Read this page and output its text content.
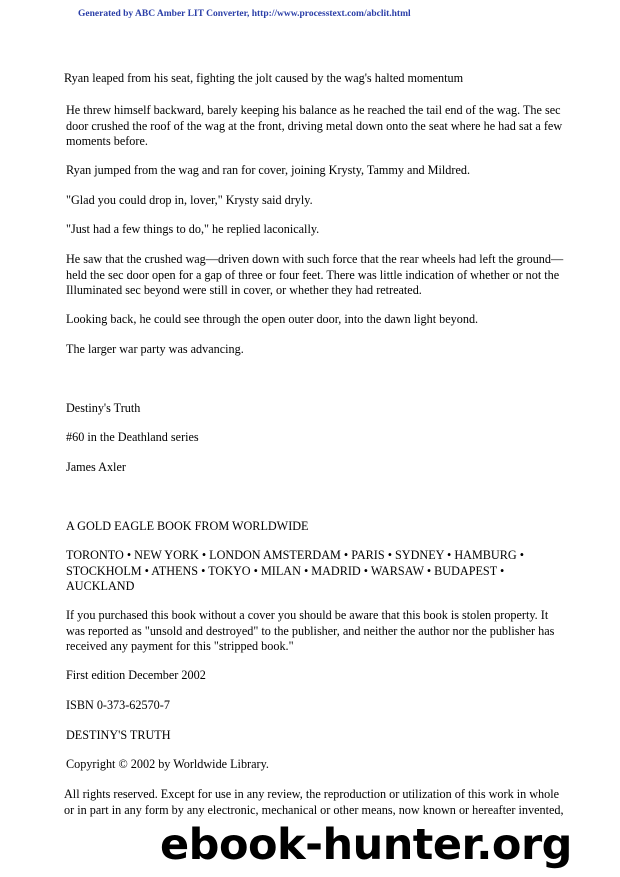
Generated by ABC Amber LIT Converter, http://www.processtext.com/abclit.html

Ryan leaped from his seat, fighting the jolt caused by the wag's halted momentum

He threw himself backward, barely keeping his balance as he reached the tail end of the wag. The sec door crushed the roof of the wag at the front, driving metal down onto the seat where he had sat a few moments before.

Ryan jumped from the wag and ran for cover, joining Krysty, Tammy and Mildred.

"Glad you could drop in, lover," Krysty said dryly.

"Just had a few things to do," he replied laconically.

He saw that the crushed wag—driven down with such force that the rear wheels had left the ground—held the sec door open for a gap of three or four feet. There was little indication of whether or not the Illuminated sec beyond were still in cover, or whether they had retreated.

Looking back, he could see through the open outer door, into the dawn light beyond.

The larger war party was advancing.

Destiny's Truth

#60 in the Deathland series

James Axler

A GOLD EAGLE BOOK FROM WORLDWIDE

TORONTO • NEW YORK • LONDON AMSTERDAM • PARIS • SYDNEY • HAMBURG • STOCKHOLM • ATHENS • TOKYO • MILAN • MADRID • WARSAW • BUDAPEST • AUCKLAND

If you purchased this book without a cover you should be aware that this book is stolen property. It was reported as "unsold and destroyed" to the publisher, and neither the author nor the publisher has received any payment for this "stripped book."

First edition December 2002

ISBN 0-373-62570-7

DESTINY'S TRUTH

Copyright © 2002 by Worldwide Library.

All rights reserved. Except for use in any review, the reproduction or utilization of this work in whole or in part in any form by any electronic, mechanical or other means, now known or hereafter invented,

ebook-hunter.org
